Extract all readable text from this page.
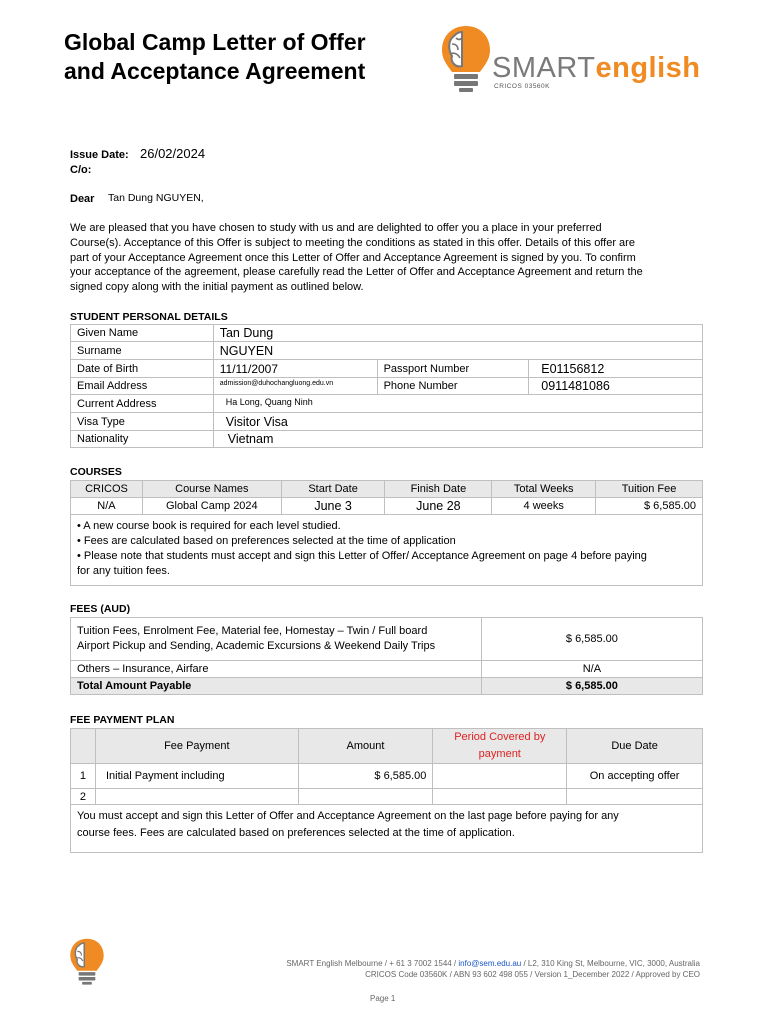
Global Camp Letter of Offer
and Acceptance Agreement	SMARTenglish
CRICOS 03560K
Issue Date: 26/02/2024
C/o:
Dear Tan Dung NGUYEN,
We are pleased that you have chosen to study with us and are delighted to offer you a place in your preferred
Course(s). Acceptance of this Offer is subject to meeting the conditions as stated in this offer. Details of this offer are
part of your Acceptance Agreement once this Letter of Offer and Acceptance Agreement is signed by you. To confirm
your acceptance of the agreement, please carefully read the Letter of Offer and Acceptance Agreement and return the
signed copy along with the initial payment as outlined below.
STUDENT PERSONAL DETAILS
Given Name	Tan Dung		
Surname	NGUYEN		
Date of Birth	11/11/2007	Passport Number	E01156812
Email Address	admission@duhochangluong.edu.vn	Phone Number	0911481086
Current Address	Ha Long, Quang Ninh		
Visa Type	Visitor Visa		
Nationality	Vietnam		
COURSES
CRICOS	Course Names	Start Date	Finish Date	Total Weeks	Tuition Fee
N/A	Global Camp 2024	June 3	June 28	4 weeks	$ 6,585.00

• A new course book is required for each level studied.
• Fees are calculated based on preferences selected at the time of application
• Please note that students must accept and sign this Letter of Offer/ Acceptance Agreement on page 4 before paying
for any tuition fees.					
FEES (AUD)
Tuition Fees, Enrolment Fee, Material fee, Homestay – Twin / Full board
Airport Pickup and Sending, Academic Excursions & Weekend Daily Trips	$ 6,585.00
Others – Insurance, Airfare	N/A
Total Amount Payable	$ 6,585.00
FEE PAYMENT PLAN
	Fee Payment	Amount	Period Covered by
payment	Due Date
1	Initial Payment including	$ 6,585.00		On accepting offer
2				

You must accept and sign this Letter of Offer and Acceptance Agreement on the last page before paying for any
course fees. Fees are calculated based on preferences selected at the time of application.				
SMART English Melbourne / + 61 3 7002 1544 / info@sem.edu.au / L2, 310 King St, Melbourne, VIC, 3000, Australia
CRICOS Code 03560K / ABN 93 602 498 055 / Version 1_December 2022 / Approved by CEO
Page 1
